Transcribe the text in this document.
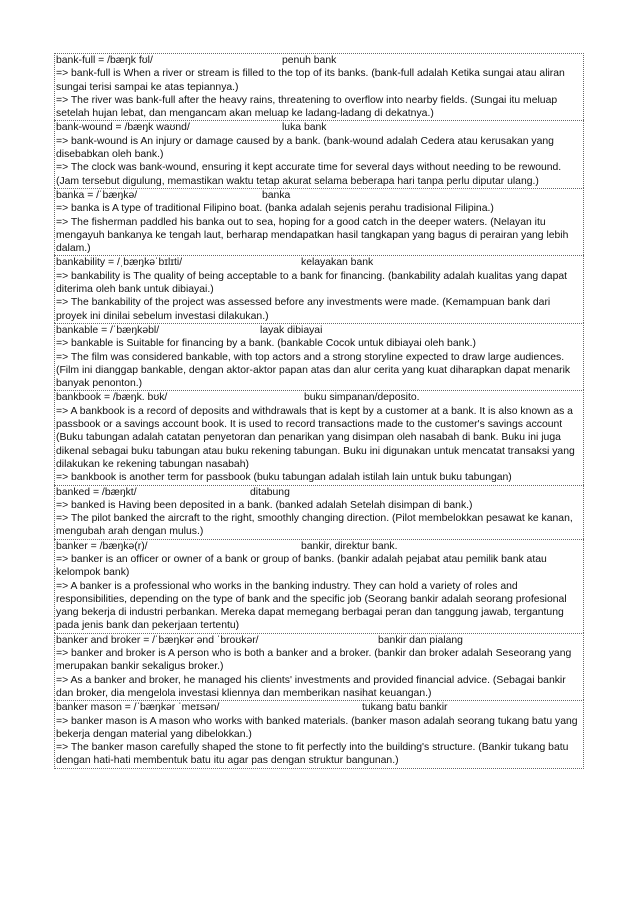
bank-full = /bæŋk fʊl/	penuh bank
=> bank-full is When a river or stream is filled to the top of its banks. (bank-full adalah Ketika sungai atau aliran sungai terisi sampai ke atas tepiannya.)
=> The river was bank-full after the heavy rains, threatening to overflow into nearby fields. (Sungai itu meluap setelah hujan lebat, dan mengancam akan meluap ke ladang-ladang di dekatnya.)
bank-wound = /bæŋk waʊnd/	luka bank
=> bank-wound is An injury or damage caused by a bank. (bank-wound adalah Cedera atau kerusakan yang disebabkan oleh bank.)
=> The clock was bank-wound, ensuring it kept accurate time for several days without needing to be rewound. (Jam tersebut digulung, memastikan waktu tetap akurat selama beberapa hari tanpa perlu diputar ulang.)
banka = /ˈbæŋkə/	banka
=> banka is A type of traditional Filipino boat. (banka adalah sejenis perahu tradisional Filipina.)
=> The fisherman paddled his banka out to sea, hoping for a good catch in the deeper waters. (Nelayan itu mengayuh bankanya ke tengah laut, berharap mendapatkan hasil tangkapan yang bagus di perairan yang lebih dalam.)
bankability = /ˌbæŋkəˈbɪlɪti/	kelayakan bank
=> bankability is The quality of being acceptable to a bank for financing. (bankability adalah kualitas yang dapat diterima oleh bank untuk dibiayai.)
=> The bankability of the project was assessed before any investments were made. (Kemampuan bank dari proyek ini dinilai sebelum investasi dilakukan.)
bankable = /ˈbæŋkəbl/	layak dibiayai
=> bankable is Suitable for financing by a bank. (bankable Cocok untuk dibiayai oleh bank.)
=> The film was considered bankable, with top actors and a strong storyline expected to draw large audiences. (Film ini dianggap bankable, dengan aktor-aktor papan atas dan alur cerita yang kuat diharapkan dapat menarik banyak penonton.)
bankbook = /bæŋk. bʊk/	buku simpanan/deposito.
=> A bankbook is a record of deposits and withdrawals that is kept by a customer at a bank. It is also known as a passbook or a savings account book. It is used to record transactions made to the customer's savings account (Buku tabungan adalah catatan penyetoran dan penarikan yang disimpan oleh nasabah di bank. Buku ini juga dikenal sebagai buku tabungan atau buku rekening tabungan. Buku ini digunakan untuk mencatat transaksi yang dilakukan ke rekening tabungan nasabah)
=> bankbook is another term for passbook (buku tabungan adalah istilah lain untuk buku tabungan)
banked = /bæŋkt/	ditabung
=> banked is Having been deposited in a bank. (banked adalah Setelah disimpan di bank.)
=> The pilot banked the aircraft to the right, smoothly changing direction. (Pilot membelokkan pesawat ke kanan, mengubah arah dengan mulus.)
banker = /bæŋkə(r)/	bankir, direktur bank.
=> banker is an officer or owner of a bank or group of banks. (bankir adalah pejabat atau pemilik bank atau kelompok bank)
=> A banker is a professional who works in the banking industry. They can hold a variety of roles and responsibilities, depending on the type of bank and the specific job (Seorang bankir adalah seorang profesional yang bekerja di industri perbankan. Mereka dapat memegang berbagai peran dan tanggung jawab, tergantung pada jenis bank dan pekerjaan tertentu)
banker and broker = /ˈbæŋkər ənd ˈbroʊkər/	bankir dan pialang
=> banker and broker is A person who is both a banker and a broker. (bankir dan broker adalah Seseorang yang merupakan bankir sekaligus broker.)
=> As a banker and broker, he managed his clients' investments and provided financial advice. (Sebagai bankir dan broker, dia mengelola investasi kliennya dan memberikan nasihat keuangan.)
banker mason = /ˈbæŋkər ˈmeɪsən/	tukang batu bankir
=> banker mason is A mason who works with banked materials. (banker mason adalah seorang tukang batu yang bekerja dengan material yang dibelokkan.)
=> The banker mason carefully shaped the stone to fit perfectly into the building's structure. (Bankir tukang batu dengan hati-hati membentuk batu itu agar pas dengan struktur bangunan.)
